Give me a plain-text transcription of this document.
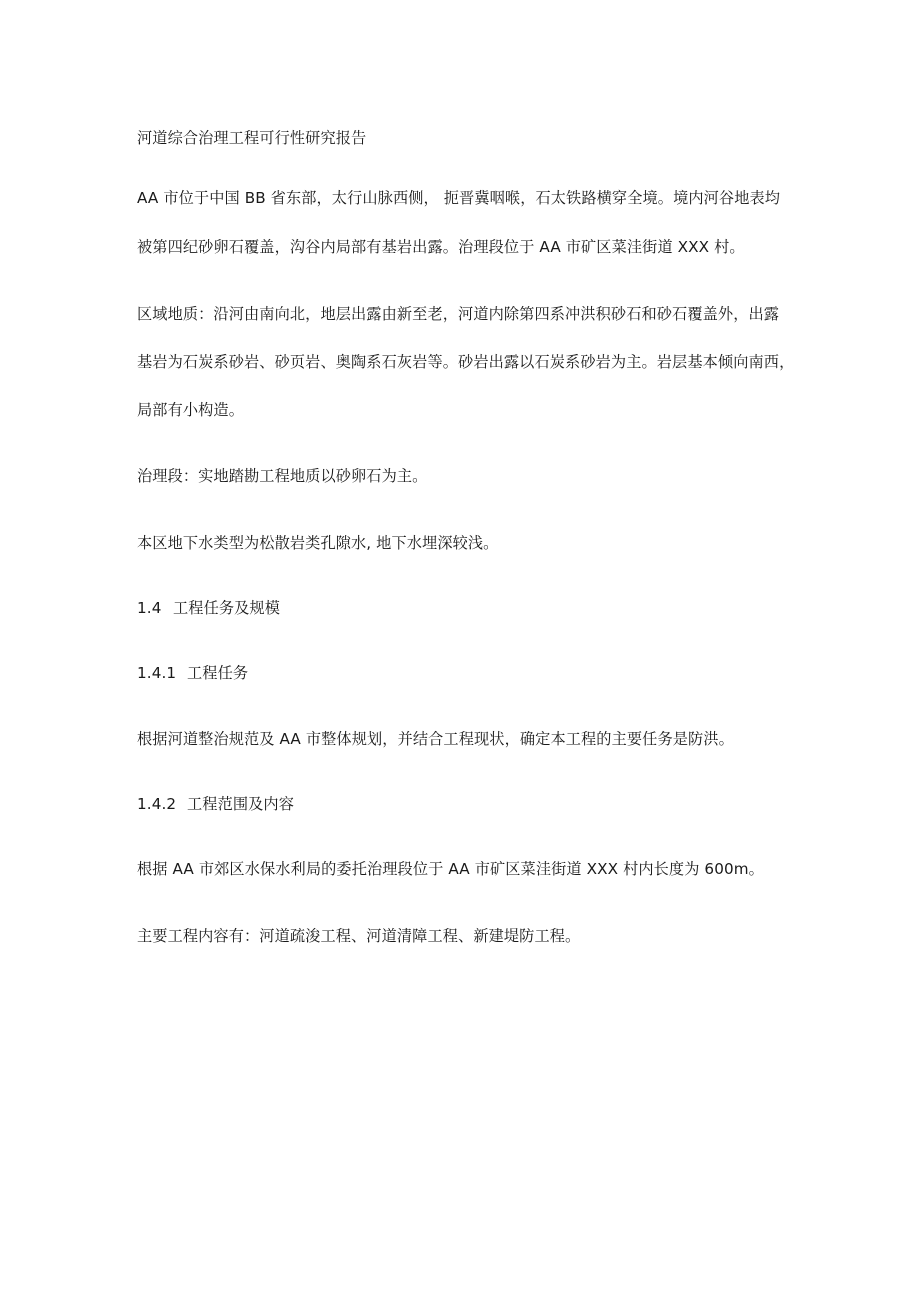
河道综合治理工程可行性研究报告
AA 市位于中国 BB 省东部，太行山脉西侧， 扼晋冀咽喉，石太铁路横穿全境。境内河谷地表均
被第四纪砂卵石覆盖，沟谷内局部有基岩出露。治理段位于 AA 市矿区菜洼街道 XXX 村。
区域地质：沿河由南向北，地层出露由新至老，河道内除第四系冲洪积砂石和砂石覆盖外，出露
基岩为石炭系砂岩、砂页岩、奥陶系石灰岩等。砂岩出露以石炭系砂岩为主。岩层基本倾向南西，
局部有小构造。
治理段：实地踏勘工程地质以砂卵石为主。
本区地下水类型为松散岩类孔隙水, 地下水埋深较浅。
1.4 工程任务及规模
1.4.1 工程任务
根据河道整治规范及 AA 市整体规划，并结合工程现状，确定本工程的主要任务是防洪。
1.4.2 工程范围及内容
根据 AA 市郊区水保水利局的委托治理段位于 AA 市矿区菜洼街道 XXX 村内长度为 600m。
主要工程内容有：河道疏浚工程、河道清障工程、新建堤防工程。
